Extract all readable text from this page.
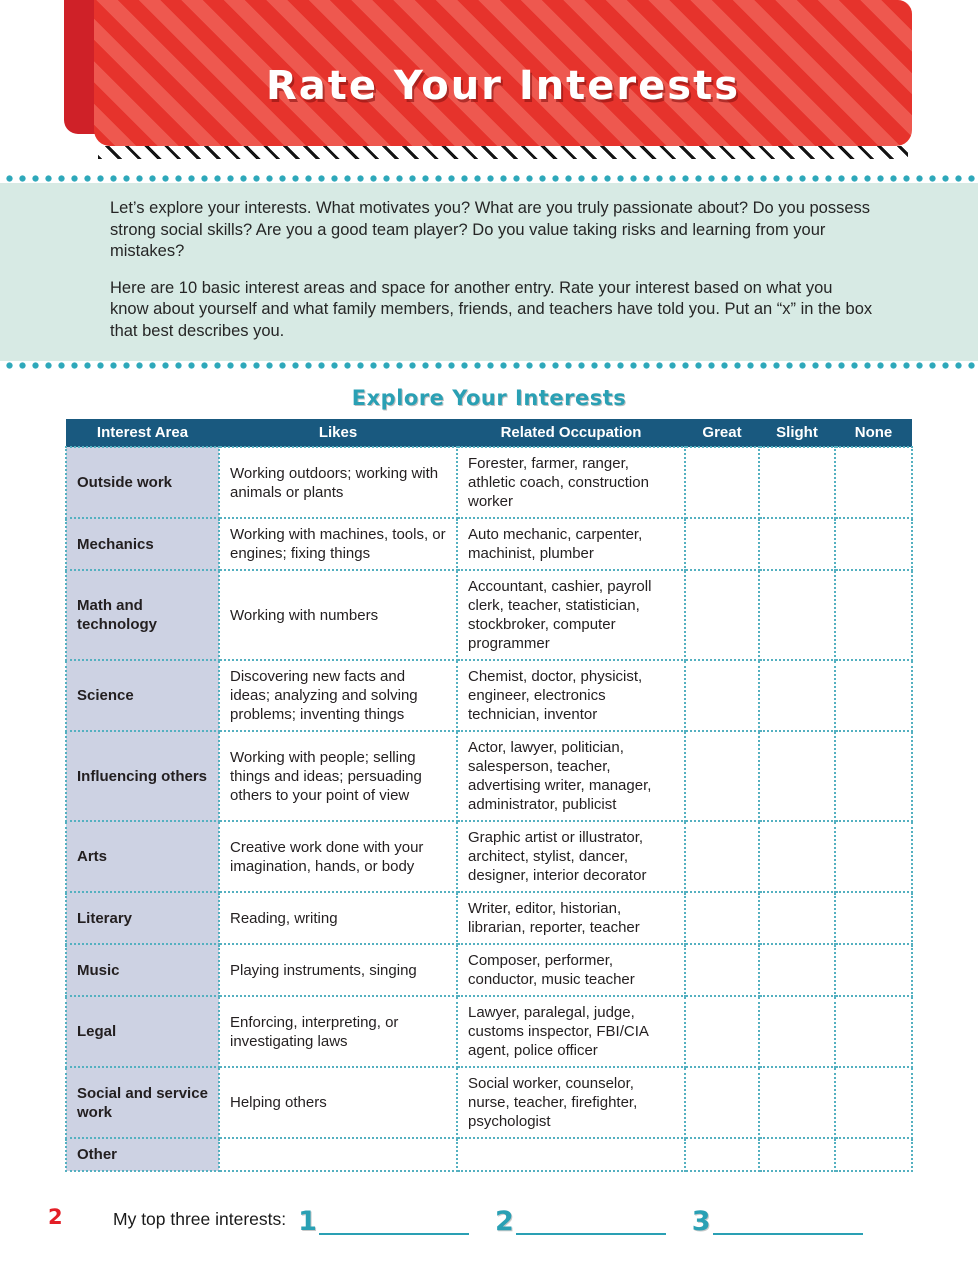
Rate Your Interests

Let’s explore your interests. What motivates you? What are you truly passionate about? Do you possess strong social skills? Are you a good team player? Do you value taking risks and learning from your mistakes?

Here are 10 basic interest areas and space for another entry. Rate your interest based on what you know about yourself and what family members, friends, and teachers have told you. Put an “x” in the box that best describes you.

Explore Your Interests
Interest Area	Likes	Related Occupation	Great	Slight	None
Outside work	Working outdoors; working with animals or plants	Forester, farmer, ranger, athletic coach, construction worker			
Mechanics	Working with machines, tools, or engines; fixing things	Auto mechanic, carpenter, machinist, plumber			
Math and technology	Working with numbers	Accountant, cashier, payroll clerk, teacher, statistician, stockbroker, computer programmer			
Science	Discovering new facts and ideas; analyzing and solving problems; inventing things	Chemist, doctor, physicist, engineer, electronics technician, inventor			
Influencing others	Working with people; selling things and ideas; persuading others to your point of view	Actor, lawyer, politician, salesperson, teacher, advertising writer, manager, administrator, publicist			
Arts	Creative work done with your imagination, hands, or body	Graphic artist or illustrator, architect, stylist, dancer, designer, interior decorator			
Literary	Reading, writing	Writer, editor, historian, librarian, reporter, teacher			
Music	Playing instruments, singing	Composer, performer, conductor, music teacher			
Legal	Enforcing, interpreting, or investigating laws	Lawyer, paralegal, judge, customs inspector, FBI/CIA agent, police officer			
Social and service work	Helping others	Social worker, counselor, nurse, teacher, firefighter, psychologist			
Other					
My top three interests: 1	2	3
2
